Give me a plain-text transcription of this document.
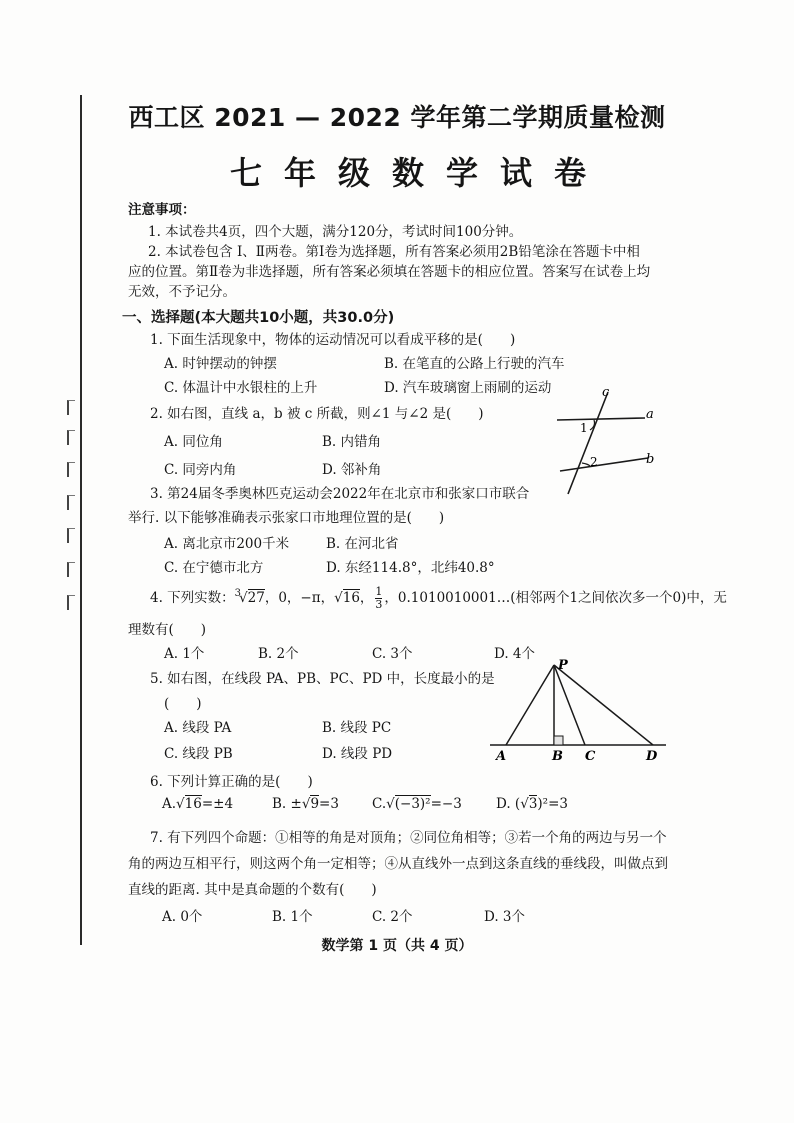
西工区 2021 — 2022 学年第二学期质量检测
七年级数学试卷
注意事项：
1. 本试卷共4页，四个大题，满分120分，考试时间100分钟。
2. 本试卷包含 Ⅰ、Ⅱ两卷。第Ⅰ卷为选择题，所有答案必须用2B铅笔涂在答题卡中相
应的位置。第Ⅱ卷为非选择题，所有答案必须填在答题卡的相应位置。答案写在试卷上均
无效，不予记分。
一、选择题(本大题共10小题，共30.0分)
1. 下面生活现象中，物体的运动情况可以看成平移的是(　　)
A. 时钟摆动的钟摆	B. 在笔直的公路上行驶的汽车
C. 体温计中水银柱的上升	D. 汽车玻璃窗上雨刷的运动
2. 如右图，直线 a，b 被 c 所截，则∠1 与∠2 是(　　)
A. 同位角	B. 内错角
C. 同旁内角	D. 邻补角
c
a
b
1
2
3. 第24届冬季奥林匹克运动会2022年在北京市和张家口市联合
举行. 以下能够准确表示张家口市地理位置的是(　　)
A. 离北京市200千米	B. 在河北省
C. 在宁德市北方	D. 东经114.8°，北纬40.8°
4. 下列实数：$^3$√27，0，−π，√16， $\frac{1}{3}$ ，0.1010010001…(相邻两个1之间依次多一个0)中，无
理数有(　　)
A. 1个	B. 2个	C. 3个	D. 4个
5. 如右图，在线段 PA、PB、PC、PD 中，长度最小的是
(　　)
A. 线段 PA	B. 线段 PC
C. 线段 PB	D. 线段 PD
P
A	B C	D
6. 下列计算正确的是(　　)
A.√16=±4	B. ±√9=3 C.√(−3)²=−3	D. (√3)²=3
7. 有下列四个命题：①相等的角是对顶角；②同位角相等；③若一个角的两边与另一个
角的两边互相平行，则这两个角一定相等；④从直线外一点到这条直线的垂线段，叫做点到
直线的距离. 其中是真命题的个数有(　　)
A. 0个	B. 1个	C. 2个	D. 3个
数学第 1 页（共 4 页）
